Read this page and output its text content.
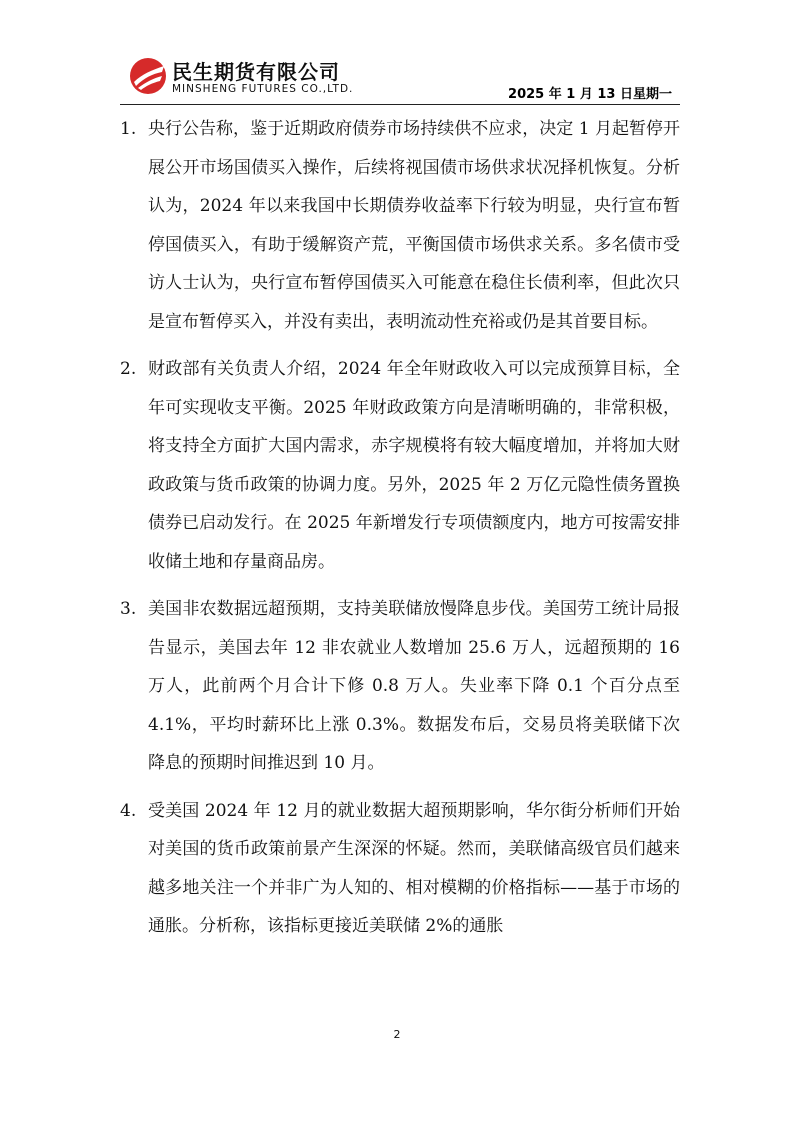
民生期货有限公司
MINSHENG FUTURES CO.,LTD.	2025 年 1 月 13 日星期一
1. 央行公告称，鉴于近期政府债券市场持续供不应求，决定 1 月起暂停开展公开市场国债买入操作，后续将视国债市场供求状况择机恢复。分析认为，2024 年以来我国中长期债券收益率下行较为明显，央行宣布暂停国债买入，有助于缓解资产荒，平衡国债市场供求关系。多名债市受访人士认为，央行宣布暂停国债买入可能意在稳住长债利率，但此次只是宣布暂停买入，并没有卖出，表明流动性充裕或仍是其首要目标。

2. 财政部有关负责人介绍，2024 年全年财政收入可以完成预算目标，全年可实现收支平衡。2025 年财政政策方向是清晰明确的，非常积极，将支持全方面扩大国内需求，赤字规模将有较大幅度增加，并将加大财政政策与货币政策的协调力度。另外，2025 年 2 万亿元隐性债务置换债券已启动发行。在 2025 年新增发行专项债额度内，地方可按需安排收储土地和存量商品房。

3. 美国非农数据远超预期，支持美联储放慢降息步伐。美国劳工统计局报告显示，美国去年 12 非农就业人数增加 25.6 万人，远超预期的 16 万人，此前两个月合计下修 0.8 万人。失业率下降 0.1 个百分点至 4.1%，平均时薪环比上涨 0.3%。数据发布后，交易员将美联储下次降息的预期时间推迟到 10 月。

4. 受美国 2024 年 12 月的就业数据大超预期影响，华尔街分析师们开始对美国的货币政策前景产生深深的怀疑。然而，美联储高级官员们越来越多地关注一个并非广为人知的、相对模糊的价格指标——基于市场的通胀。分析称，该指标更接近美联储 2%的通胀

2
